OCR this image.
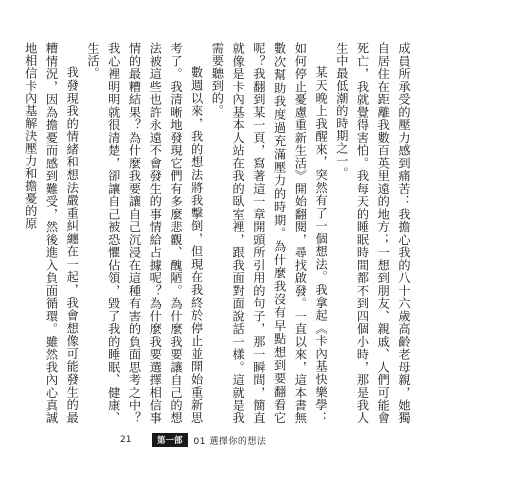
成員所承受的壓力感到痛苦：我擔心我的八十六歲高齡老母親，她獨自居住在距離我數百英里遠的地方；一想到朋友、親戚、人們可能會死亡，我就覺得害怕。我每天的睡眠時間都不到四個小時，那是我人生中最低潮的時期之一。

某天晚上我醒來，突然有了一個想法。我拿起《卡內基快樂學：如何停止憂慮重新生活》開始翻閱，尋找啟發。一直以來，這本書無數次幫助我度過充滿壓力的時期。為什麼我沒有早點想到要翻看它呢？我翻到某一頁，寫著這一章開頭所引用的句子，那一瞬間，簡直就像是卡內基本人站在我的臥室裡，跟我面對面說話一樣。這就是我需要聽到的。

數週以來，我的想法將我擊倒，但現在我終於停止並開始重新思考了。我清晰地發現它們有多麼悲觀、醜陋。為什麼我要讓自己的想法被這些也許永遠不會發生的事情給占據呢？為什麼我要選擇相信事情的最糟結果？為什麼我要讓自己沉浸在這種有害的負面思考之中？我心裡明明就很清楚，卻讓自己被恐懼佔領，毀了我的睡眠、健康、生活。

我發現我的情緒和想法嚴重糾纏在一起，我會想像可能發生的最糟情況，因為擔憂而感到難受，然後進入負面循環。雖然我內心真誠地相信卡內基解決壓力和擔憂的原

21	第一部	01 選擇你的想法
